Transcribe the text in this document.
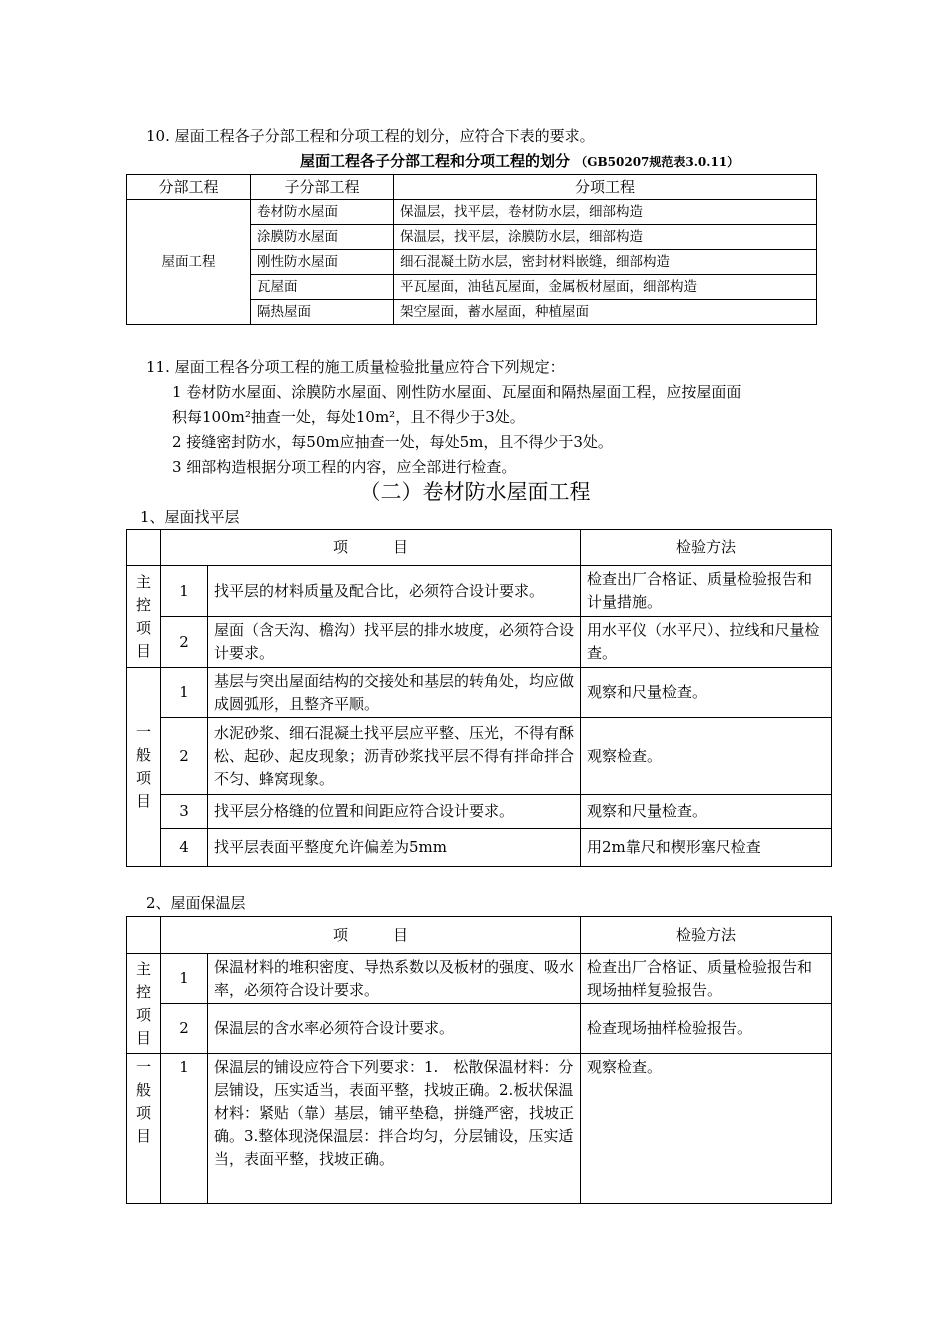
10. 屋面工程各子分部工程和分项工程的划分，应符合下表的要求。
屋面工程各子分部工程和分项工程的划分 （GB50207规范表3.0.11）
分部工程	子分部工程	分项工程
屋面工程	卷材防水屋面	保温层，找平层，卷材防水层，细部构造
	涂膜防水屋面	保温层，找平层，涂膜防水层，细部构造
	刚性防水屋面	细石混凝土防水层，密封材料嵌缝，细部构造
	瓦屋面	平瓦屋面，油毡瓦屋面，金属板材屋面，细部构造
	隔热屋面	架空屋面，蓄水屋面，种植屋面
11. 屋面工程各分项工程的施工质量检验批量应符合下列规定：
1 卷材防水屋面、涂膜防水屋面、刚性防水屋面、瓦屋面和隔热屋面工程，应按屋面面
积每100m²抽查一处，每处10m²，且不得少于3处。
2 接缝密封防水，每50m应抽查一处，每处5m，且不得少于3处。
3 细部构造根据分项工程的内容，应全部进行检查。
（二）卷材防水屋面工程
1、屋面找平层
	项　　　目		检验方法

主
控
项
目	1	找平层的材料质量及配合比，必须符合设计要求。	检查出厂合格证、质量检验报告和计量措施。
	2	屋面（含天沟、檐沟）找平层的排水坡度，必须符合设计要求。	用水平仪（水平尺）、拉线和尺量检查。

一
般
项
目	1	基层与突出屋面结构的交接处和基层的转角处，均应做成圆弧形，且整齐平顺。	观察和尺量检查。
	2	水泥砂浆、细石混凝土找平层应平整、压光，不得有酥松、起砂、起皮现象；沥青砂浆找平层不得有拌命拌合不匀、蜂窝现象。	观察检查。
	3	找平层分格缝的位置和间距应符合设计要求。	观察和尺量检查。
	4	找平层表面平整度允许偏差为5mm	用2m靠尺和楔形塞尺检查
2、屋面保温层
	项　　　目		检验方法

主
控
项
目	1	保温材料的堆积密度、导热系数以及板材的强度、吸水率，必须符合设计要求。	检查出厂合格证、质量检验报告和现场抽样复验报告。
	2	保温层的含水率必须符合设计要求。	检查现场抽样检验报告。

一
般
项
目	1	保温层的铺设应符合下列要求：1.　松散保温材料：分层铺设，压实适当，表面平整，找坡正确。2.板状保温材料：紧贴（靠）基层，铺平垫稳，拼缝严密，找坡正确。3.整体现浇保温层：拌合均匀，分层铺设，压实适当，表面平整，找坡正确。	观察检查。
